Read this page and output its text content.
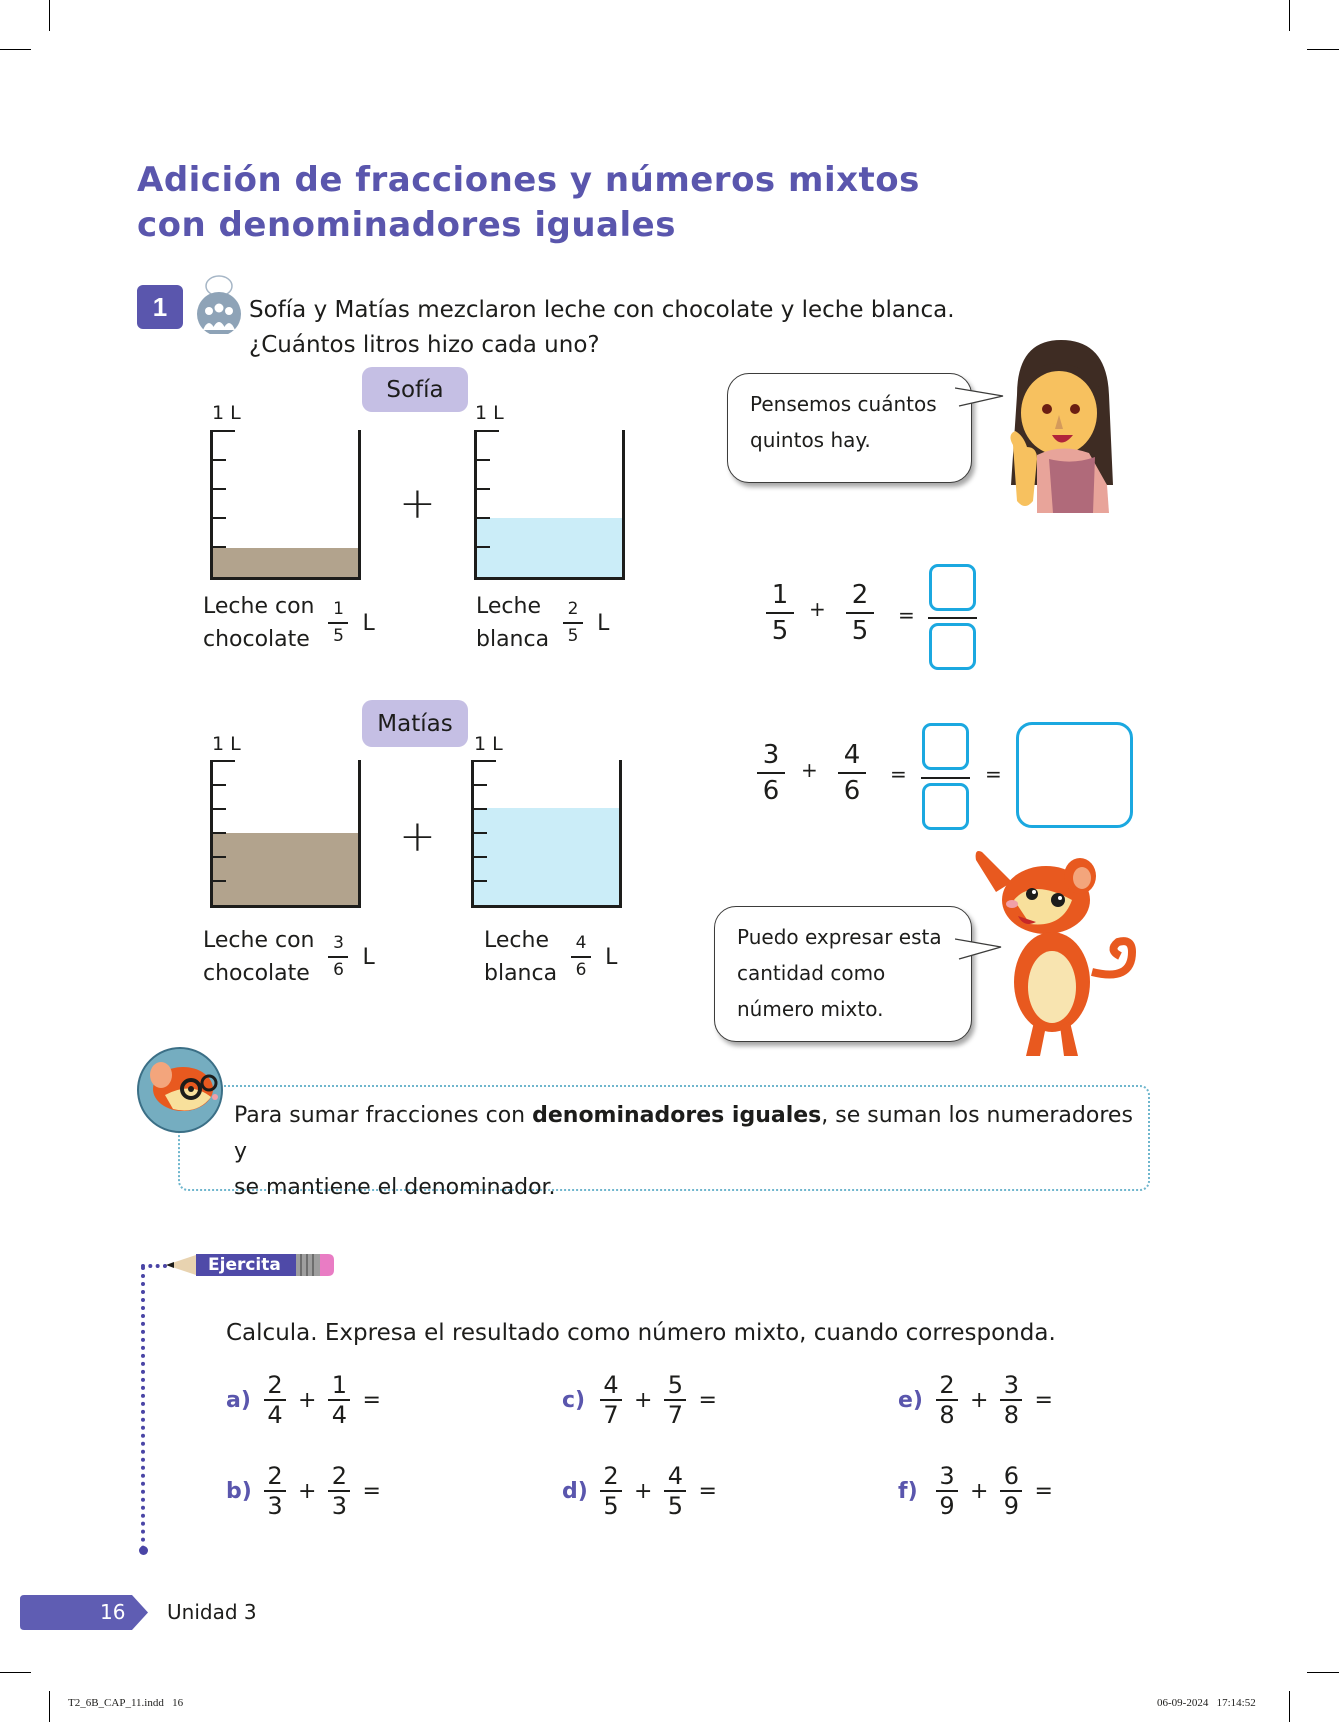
Adición de fracciones y números mixtos
con denominadores iguales
1	Sofía y Matías mezclaron leche con chocolate y leche blanca.
¿Cuántos litros hizo cada uno?
Sofía
1 L
+
1 L
Leche con
chocolate
1
5
L
Leche
blanca
2
5
L
Pensemos cuántos
quintos hay.
1
5
+ 2
5
=
Matías
1 L
+
1 L
Leche con
chocolate
3
6
L
Leche
blanca
4
6
L
3
6
+ 4
6
=	=
Puedo expresar esta
cantidad como
número mixto.
Para sumar fracciones con denominadores iguales, se suman los numeradores y
se mantiene el denominador.
Ejercita
Calcula. Expresa el resultado como número mixto, cuando corresponda.
$a) \frac{2}{4} + \frac{1}{4}$ =
$b) \frac{2}{3} + \frac{2}{3}$ =
$c) \frac{4}{7} + \frac{5}{7}$ =
$d) \frac{2}{5} + \frac{4}{5}$ =
$e) \frac{2}{8} + \frac{3}{8}$ =
$f) \frac{3}{9} + \frac{6}{9}$ =
16 Unidad 3
T2_6B_CAP_11.indd   16	06-09-2024   17:14:52
